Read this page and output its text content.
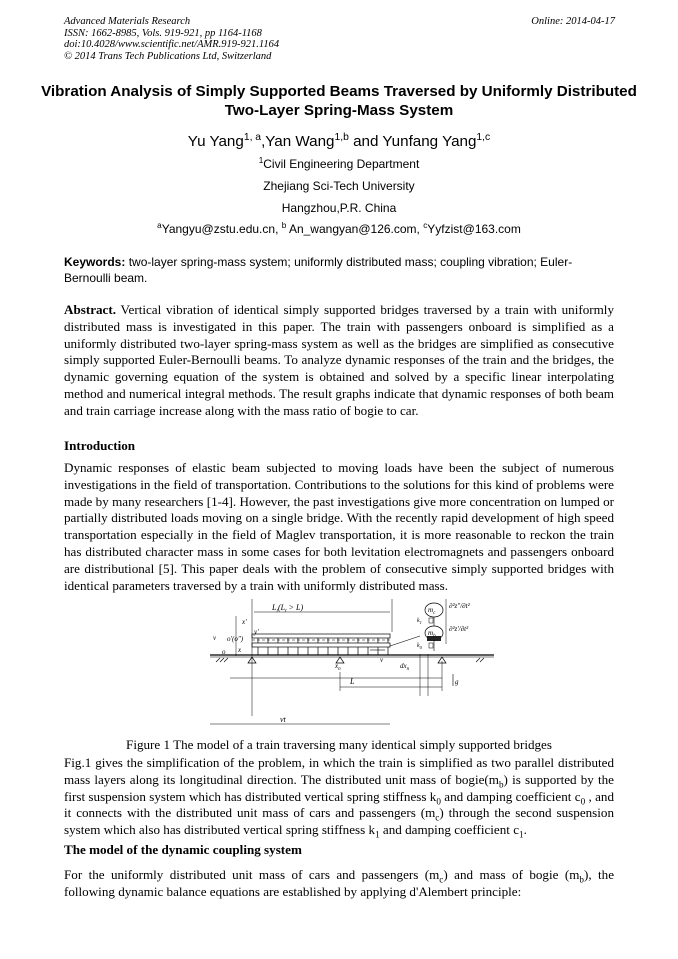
Advanced Materials Research
ISSN: 1662-8985, Vols. 919-921, pp 1164-1168
doi:10.4028/www.scientific.net/AMR.919-921.1164
© 2014 Trans Tech Publications Ltd, Switzerland
Online: 2014-04-17
Vibration Analysis of Simply Supported Beams Traversed by Uniformly Distributed Two-Layer Spring-Mass System
Yu Yang$^{1, a}$,Yan Wang$^{1,b}$ and Yunfang Yang$^{1,c}$
$^1$Civil Engineering Department
Zhejiang Sci-Tech University
Hangzhou,P.R. China
$^a$Yangyu@zstu.edu.cn, $^b$ An_wangyan@126.com, $^c$Yyfzist@163.com
Keywords: two-layer spring-mass system; uniformly distributed mass; coupling vibration; Euler-Bernoulli beam.
Abstract. Vertical vibration of identical simply supported bridges traversed by a train with uniformly distributed mass is investigated in this paper. The train with passengers onboard is simplified as a uniformly distributed two-layer spring-mass system as well as the bridges are simplified as consecutive simply supported Euler-Bernoulli beams. To analyze dynamic responses of the train and the bridges, the dynamic governing equation of the system is obtained and solved by a specific linear interpolating method and numerical integral methods. The result graphs indicate that dynamic responses of both beam and train carriage increase along with the mass ratio of bogie to car.
Introduction
Dynamic responses of elastic beam subjected to moving loads have been the subject of numerous investigations in the field of transportation. Contributions to the solutions for this kind of problems were made by many researchers [1-4]. However, the past investigations give more concentration on lumped or partially distributed loads moving on a single bridge. With the recently rapid development of high speed transportation especially in the field of Maglev transportation, it is more reasonable to reckon the train has distributed character mass in some cases for both levitation electromagnets and passengers onboard are distributional [5]. This paper deals with the problem of consecutive simply supported bridges with identical parameters traversed by a train with uniformly distributed mass.
$L_t(L_t > L)$
x'
v o'(o")
y'
o x
$x_n$
L
vt
$dx_n$
v
$m_c$
$m_b$
$k_1$
$k_0$
∂²z"/∂t²
∂²z'/∂t²
g
Figure 1 The model of a train traversing many identical simply supported bridges
Fig.1 gives the simplification of the problem, in which the train is simplified as two parallel distributed mass layers along its longitudinal direction. The distributed unit mass of $bogie(m_b)$ is supported by the first suspension system which has distributed vertical spring stiffness $k_0$ and damping coefficient $c_0$ , and it connects with the distributed unit mass of cars and passengers $(m_c)$ through the second suspension system which also has distributed vertical spring stiffness $k_1$ and damping coefficient $c_1$.
The model of the dynamic coupling system
For the uniformly distributed unit mass of cars and passengers $(m_c)$ and mass of bogie $(m_b)$, the following dynamic balance equations are established by applying d'Alembert principle:
